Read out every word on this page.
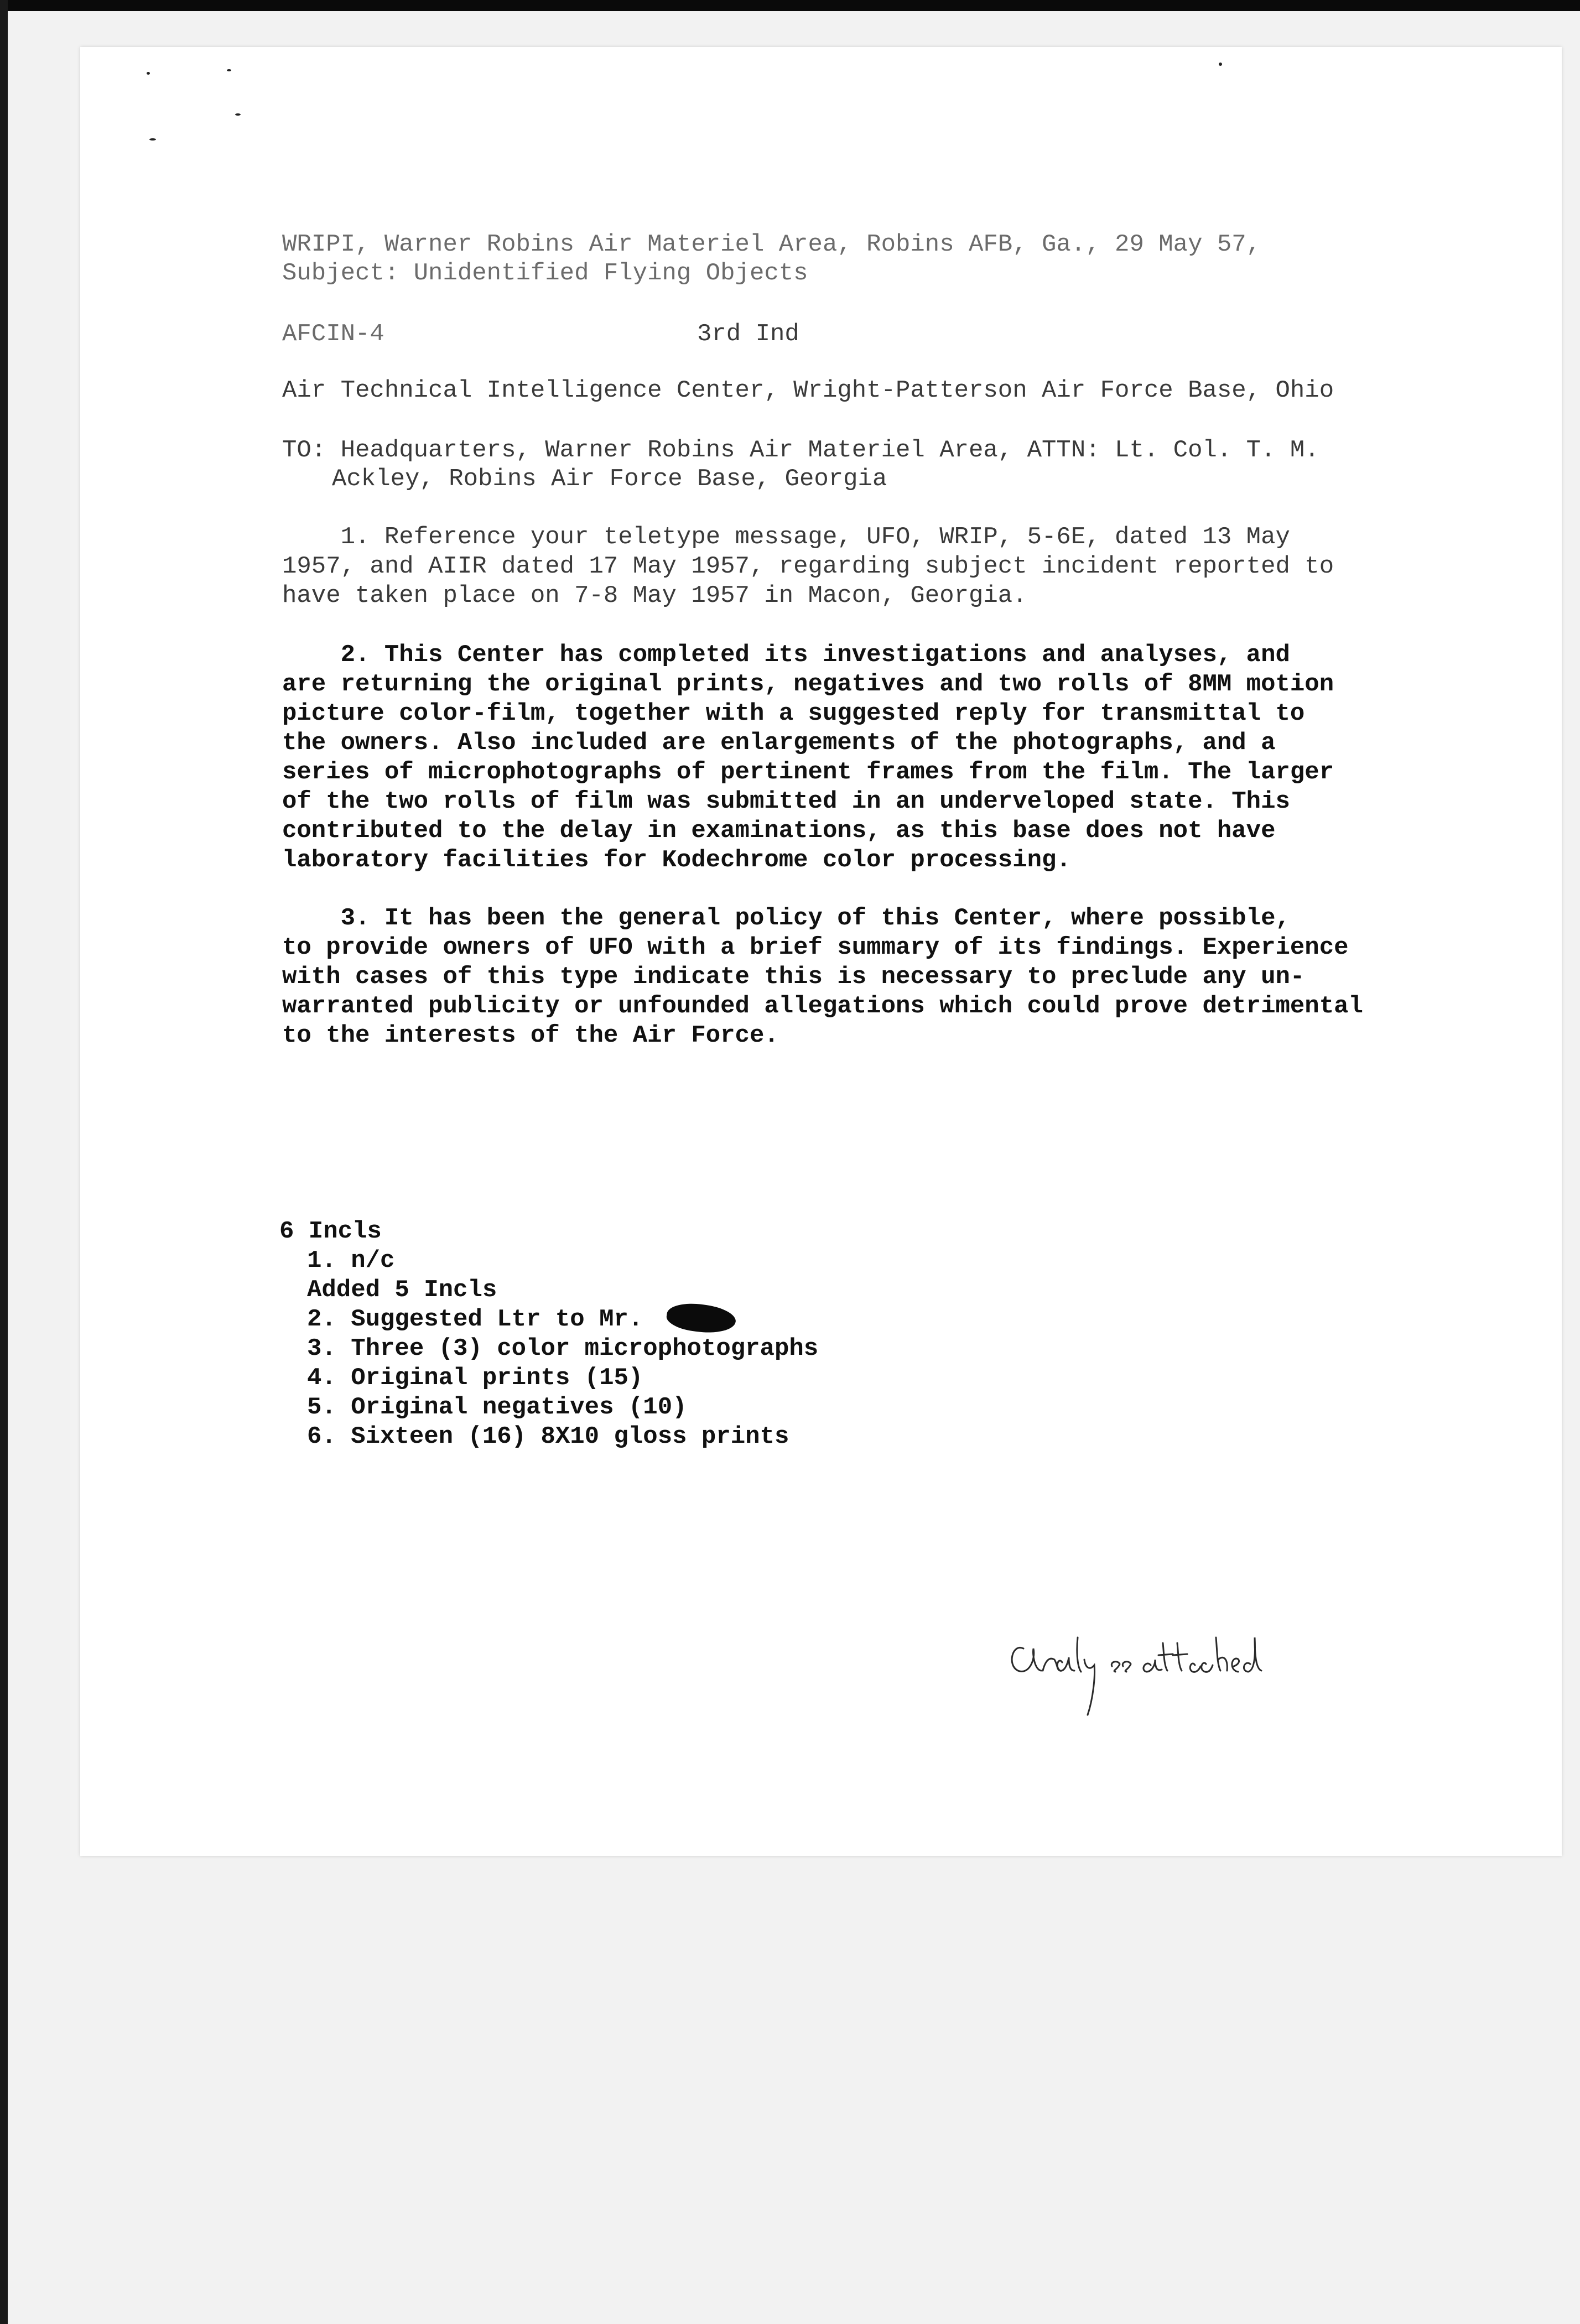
WRIPI, Warner Robins Air Materiel Area, Robins AFB, Ga., 29 May 57,
Subject: Unidentified Flying Objects
AFCIN-4	3rd Ind
Air Technical Intelligence Center, Wright-Patterson Air Force Base, Ohio
TO: Headquarters, Warner Robins Air Materiel Area, ATTN: Lt. Col. T. M.
Ackley, Robins Air Force Base, Georgia
1. Reference your teletype message, UFO, WRIP, 5-6E, dated 13 May
1957, and AIIR dated 17 May 1957, regarding subject incident reported to
have taken place on 7-8 May 1957 in Macon, Georgia.
2. This Center has completed its investigations and analyses, and
are returning the original prints, negatives and two rolls of 8MM motion
picture color-film, together with a suggested reply for transmittal to
the owners. Also included are enlargements of the photographs, and a
series of microphotographs of pertinent frames from the film. The larger
of the two rolls of film was submitted in an underveloped state. This
contributed to the delay in examinations, as this base does not have
laboratory facilities for Kodechrome color processing.
3. It has been the general policy of this Center, where possible,
to provide owners of UFO with a brief summary of its findings. Experience
with cases of this type indicate this is necessary to preclude any un-
warranted publicity or unfounded allegations which could prove detrimental
to the interests of the Air Force.
6 Incls
1. n/c
Added 5 Incls
2. Suggested Ltr to Mr.
3. Three (3) color microphotographs
4. Original prints (15)
5. Original negatives (10)
6. Sixteen (16) 8X10 gloss prints
